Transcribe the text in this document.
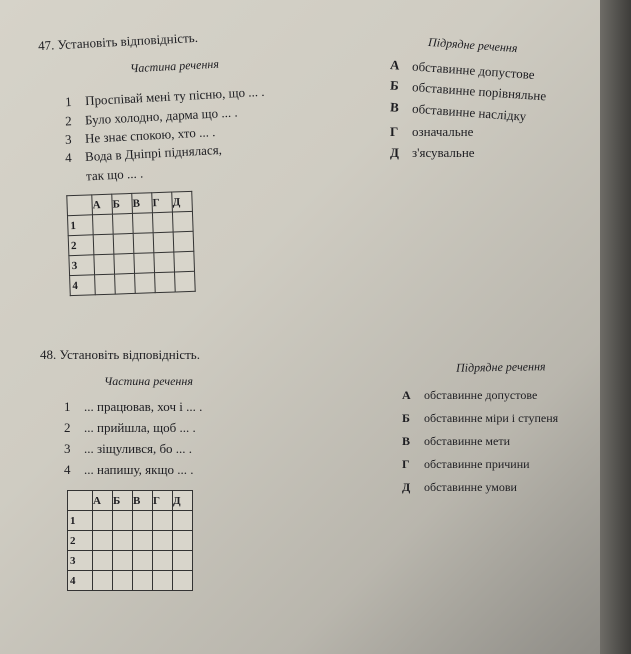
47. Установіть відповідність.
Частина речення
Підрядне речення
1 Проспівай мені ту пісню, що ... .
2 Було холодно, дарма що ... .
3 Не знає спокою, хто ... .
4 Вода в Дніпрі піднялася,
так що ... .
А обставинне допустове
Б обставинне порівняльне
В обставинне наслідку
Г означальне
Д з'ясувальне
	А	Б	В	Г	Д
1					
2					
3					
4					
48. Установіть відповідність.
Частина речення
Підрядне речення
1 ... працював, хоч і ... .
2 ... прийшла, щоб ... .
3 ... зіщулився, бо ... .
4 ... напишу, якщо ... .
А обставинне допустове
Б обставинне міри і ступеня
В обставинне мети
Г обставинне причини
Д обставинне умови
	А	Б	В	Г	Д
1					
2					
3					
4					
